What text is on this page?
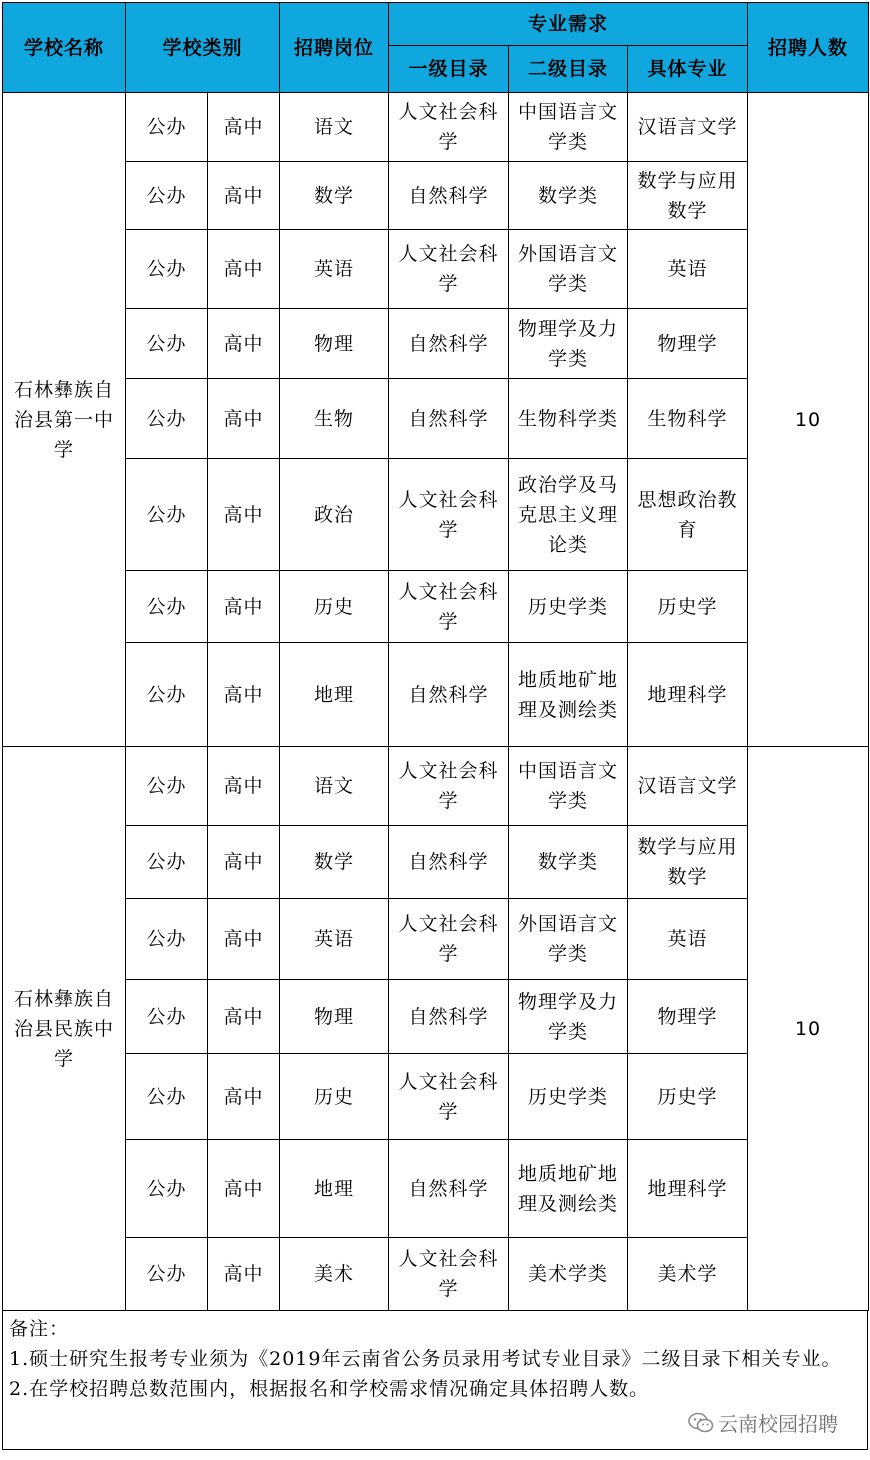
学校名称	学校类别		招聘岗位	专业需求			招聘人数
				一级目录	二级目录	具体专业	
石林彝族自治县第一中学	公办	高中	语文	人文社会科学	中国语言文学类	汉语言文学	10
	公办	高中	数学	自然科学	数学类	数学与应用数学	
	公办	高中	英语	人文社会科学	外国语言文学类	英语	
	公办	高中	物理	自然科学	物理学及力学类	物理学	
	公办	高中	生物	自然科学	生物科学类	生物科学	
	公办	高中	政治	人文社会科学	政治学及马克思主义理论类	思想政治教育	
	公办	高中	历史	人文社会科学	历史学类	历史学	
	公办	高中	地理	自然科学	地质地矿地理及测绘类	地理科学	
石林彝族自治县民族中学	公办	高中	语文	人文社会科学	中国语言文学类	汉语言文学	10
	公办	高中	数学	自然科学	数学类	数学与应用数学	
	公办	高中	英语	人文社会科学	外国语言文学类	英语	
	公办	高中	物理	自然科学	物理学及力学类	物理学	
	公办	高中	历史	人文社会科学	历史学类	历史学	
	公办	高中	地理	自然科学	地质地矿地理及测绘类	地理科学	
	公办	高中	美术	人文社会科学	美术学类	美术学	
备注：
1.硕士研究生报考专业须为《2019年云南省公务员录用考试专业目录》二级目录下相关专业。
2.在学校招聘总数范围内，根据报名和学校需求情况确定具体招聘人数。
云南校园招聘
